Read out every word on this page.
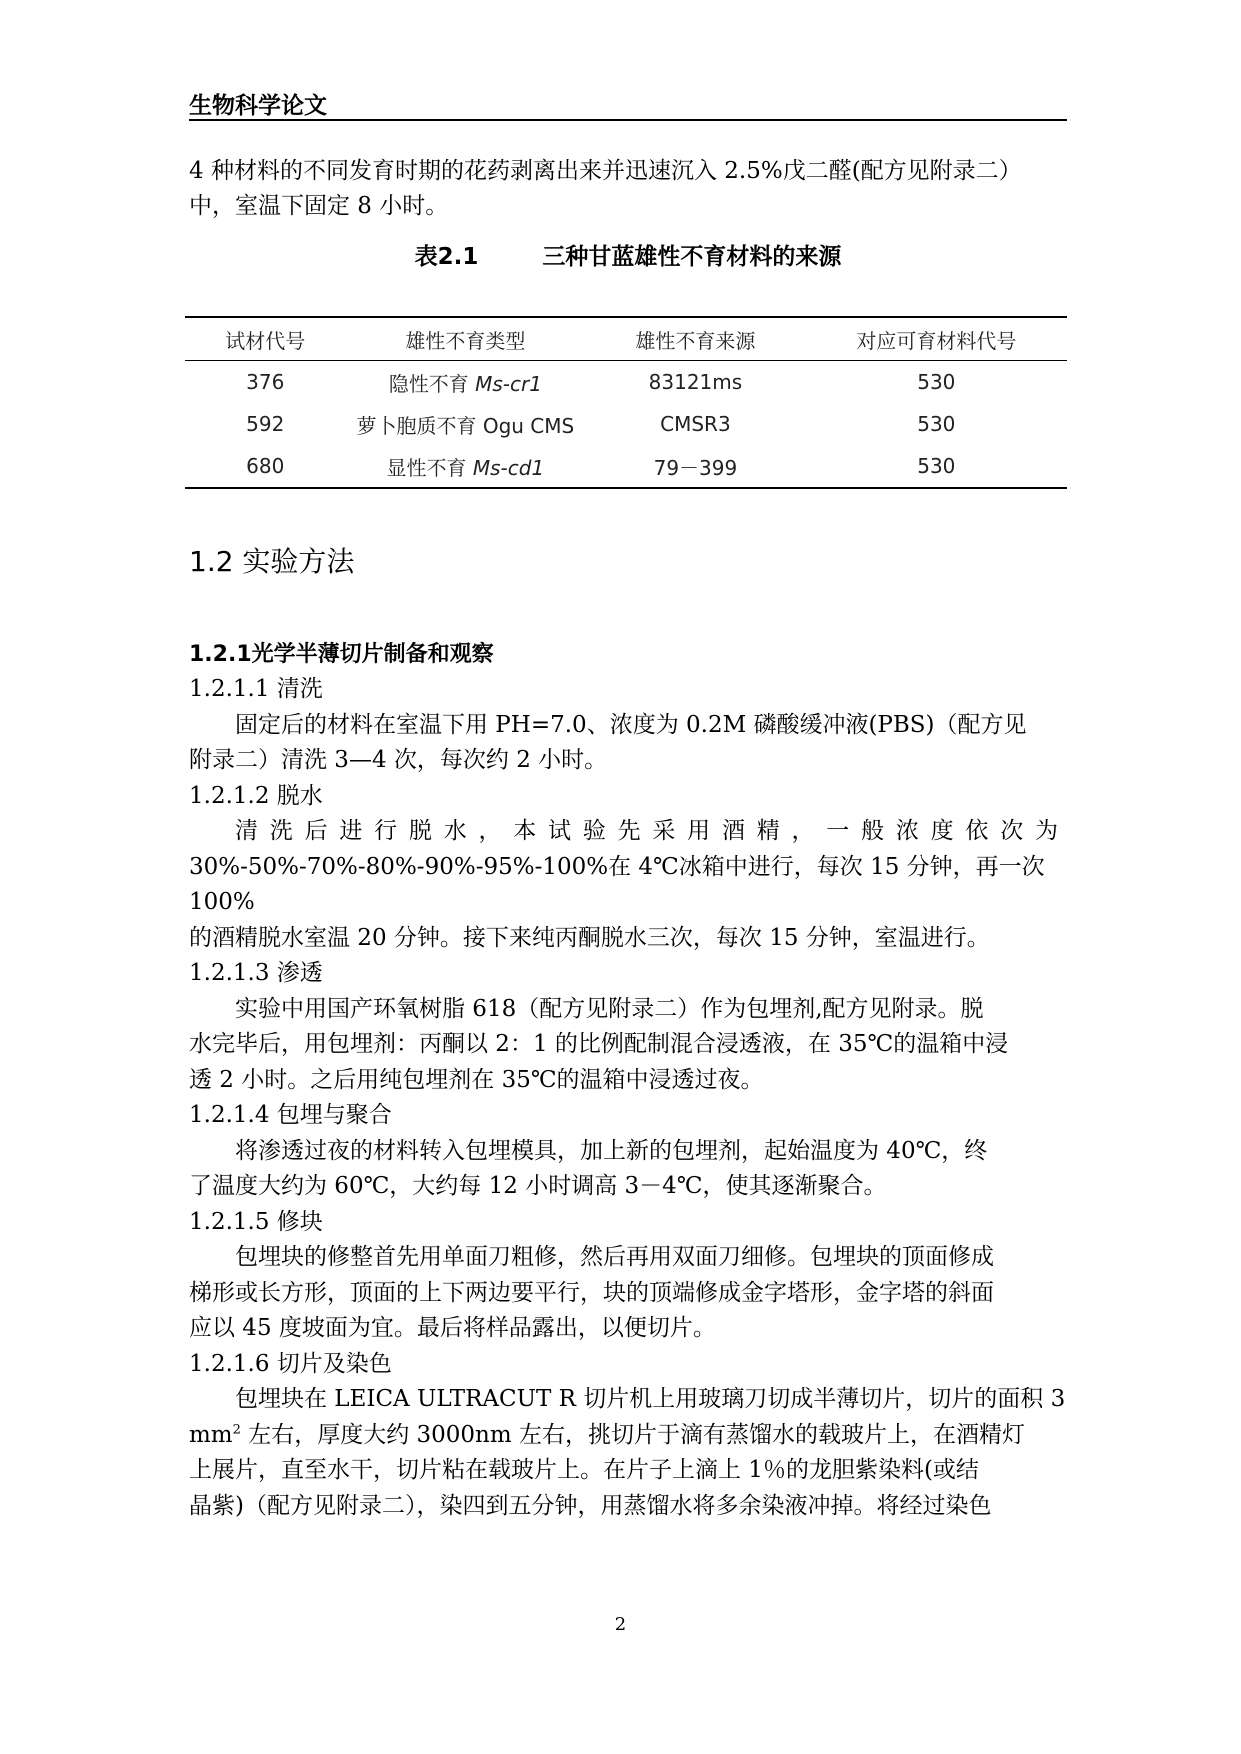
生物科学论文

4 种材料的不同发育时期的花药剥离出来并迅速沉入 2.5%戊二醛(配方见附录二）

中，室温下固定 8 小时。

表2.1	三种甘蓝雄性不育材料的来源
试材代号	雄性不育类型	雄性不育来源	对应可育材料代号
376	隐性不育 Ms-cr1	83121ms	530
592	萝卜胞质不育 Ogu CMS	CMSR3	530
680	显性不育 Ms-cd1	79－399	530
1.2 实验方法
1.2.1光学半薄切片制备和观察

1.2.1.1 清洗

固定后的材料在室温下用 PH=7.0、浓度为 0.2M 磷酸缓冲液(PBS)（配方见

附录二）清洗 3—4 次，每次约 2 小时。

1.2.1.2 脱水

清洗后进行脱水，本试验先采用酒精，一般浓度依次为

30%-50%-70%-80%-90%-95%-100%在 4℃冰箱中进行，每次 15 分钟，再一次 100%

的酒精脱水室温 20 分钟。接下来纯丙酮脱水三次，每次 15 分钟，室温进行。

1.2.1.3 渗透

实验中用国产环氧树脂 618（配方见附录二）作为包埋剂,配方见附录。脱

水完毕后，用包埋剂：丙酮以 2：1 的比例配制混合浸透液，在 35℃的温箱中浸

透 2 小时。之后用纯包埋剂在 35℃的温箱中浸透过夜。

1.2.1.4 包埋与聚合

将渗透过夜的材料转入包埋模具，加上新的包埋剂，起始温度为 40℃，终

了温度大约为 60℃，大约每 12 小时调高 3－4℃，使其逐渐聚合。

1.2.1.5 修块

包埋块的修整首先用单面刀粗修，然后再用双面刀细修。包埋块的顶面修成

梯形或长方形，顶面的上下两边要平行，块的顶端修成金字塔形，金字塔的斜面

应以 45 度坡面为宜。最后将样品露出，以便切片。

1.2.1.6 切片及染色

包埋块在 LEICA ULTRACUT R 切片机上用玻璃刀切成半薄切片，切片的面积 3

$mm^2$ 左右，厚度大约 3000nm 左右，挑切片于滴有蒸馏水的载玻片上，在酒精灯

上展片，直至水干，切片粘在载玻片上。在片子上滴上 1％的龙胆紫染料(或结

晶紫)（配方见附录二），染四到五分钟，用蒸馏水将多余染液冲掉。将经过染色

2
